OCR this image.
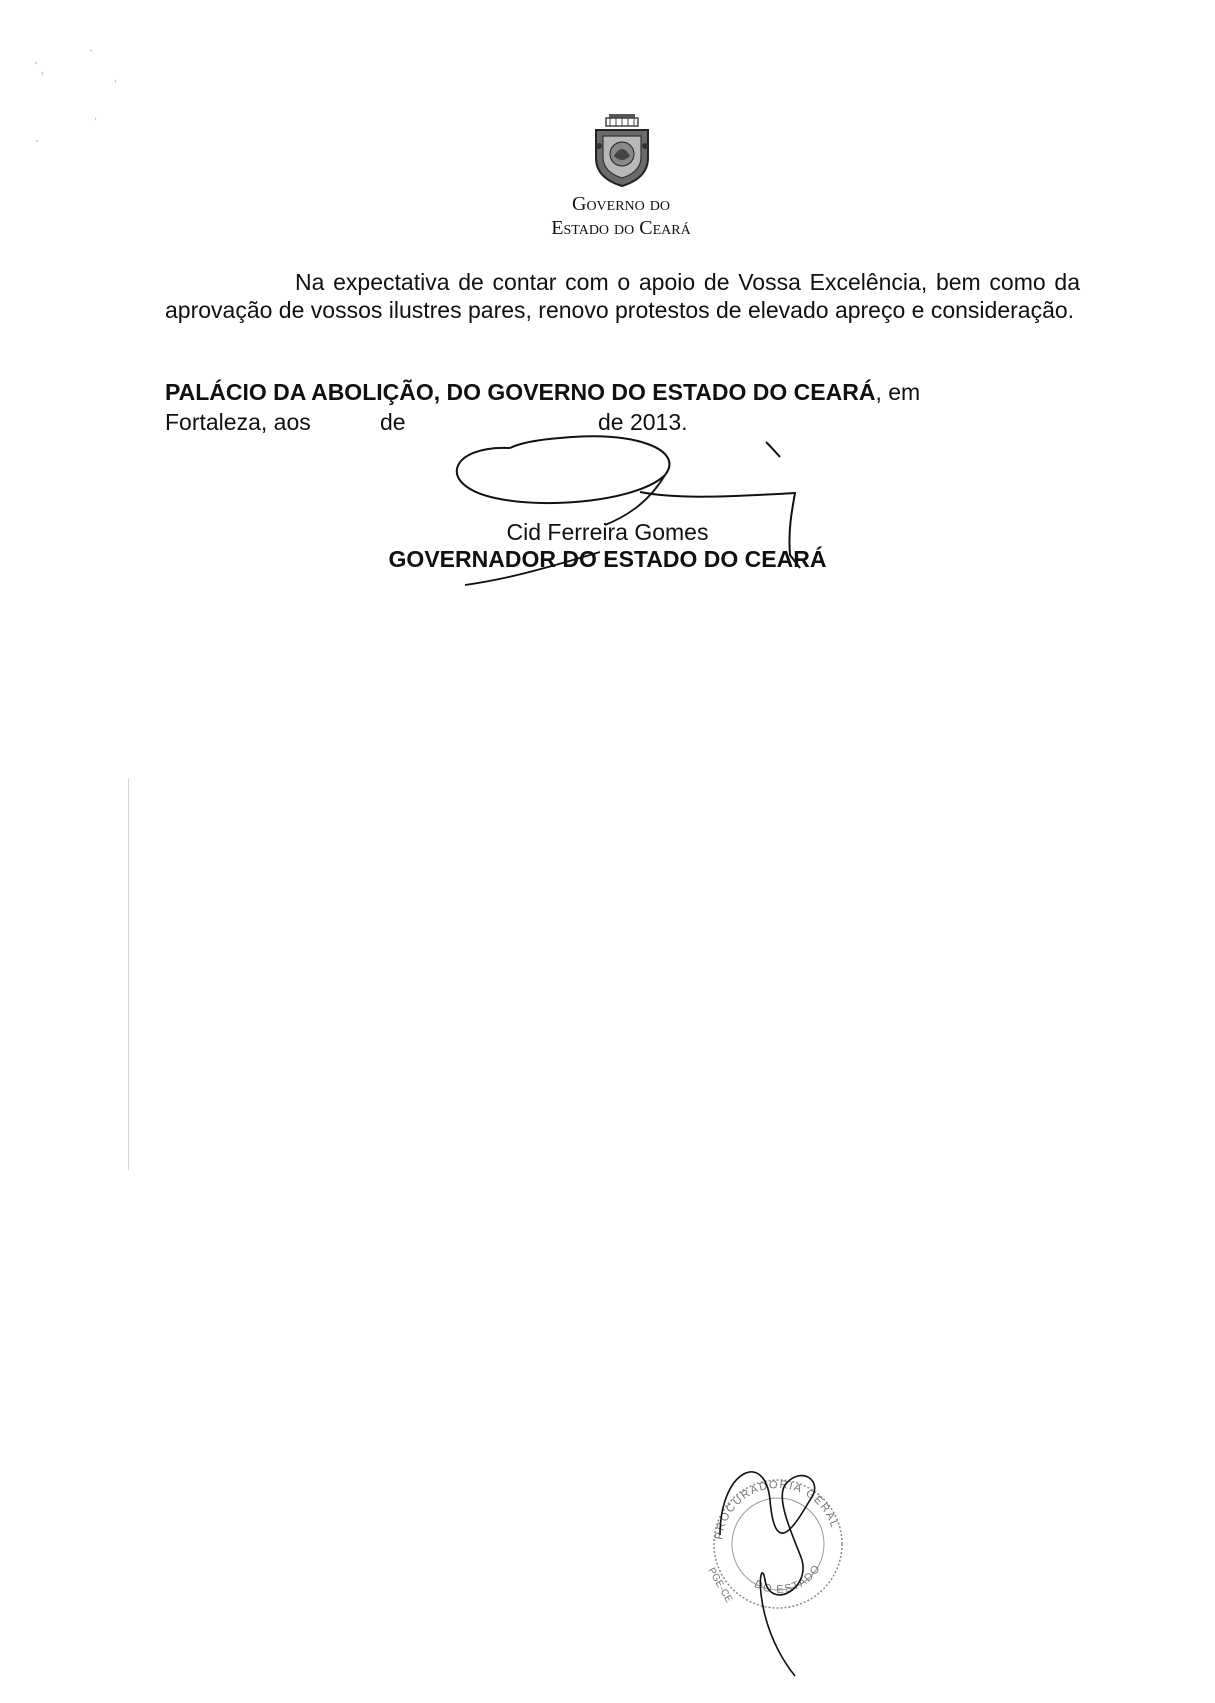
Governo do
Estado do Ceará
Na expectativa de contar com o apoio de Vossa Excelência, bem como da aprovação de vossos ilustres pares, renovo protestos de elevado apreço e consideração.
PALÁCIO DA ABOLIÇÃO, DO GOVERNO DO ESTADO DO CEARÁ, em
Fortaleza, aos	de	de 2013.
Cid Ferreira Gomes
GOVERNADOR DO ESTADO DO CEARÁ
PROCURADORIA GERAL
DO ESTADO
PGE-CE
